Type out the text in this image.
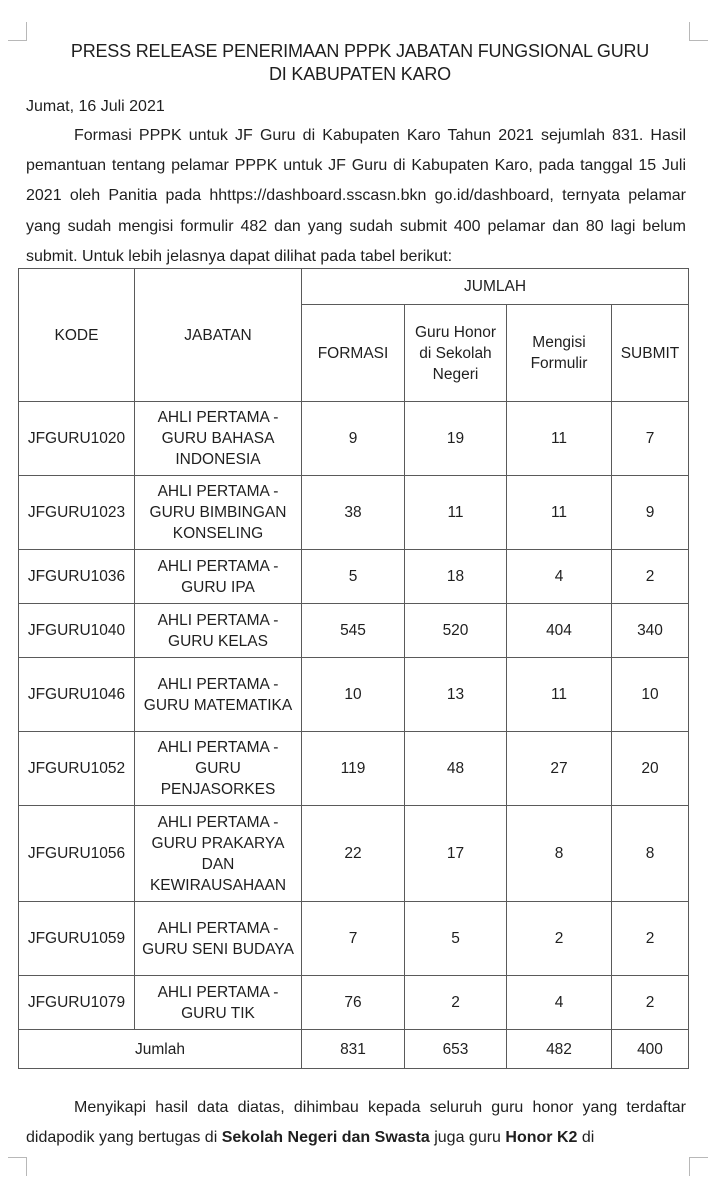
PRESS RELEASE PENERIMAAN PPPK JABATAN FUNGSIONAL GURU
DI KABUPATEN KARO
Jumat, 16 Juli 2021
Formasi PPPK untuk JF Guru di Kabupaten Karo Tahun 2021 sejumlah 831. Hasil pemantuan tentang pelamar PPPK untuk JF Guru di Kabupaten Karo, pada tanggal 15 Juli 2021 oleh Panitia pada hhttps://dashboard.sscasn.bkn go.id/dashboard, ternyata pelamar yang sudah mengisi formulir 482 dan yang sudah submit 400 pelamar dan 80 lagi belum submit. Untuk lebih jelasnya dapat dilihat pada tabel berikut:
KODE	JABATAN	JUMLAH			
		FORMASI	Guru Honor di Sekolah Negeri	Mengisi Formulir	SUBMIT
JFGURU1020	AHLI PERTAMA - GURU BAHASA INDONESIA	9	19	11	7
JFGURU1023	AHLI PERTAMA - GURU BIMBINGAN KONSELING	38	11	11	9
JFGURU1036	AHLI PERTAMA - GURU IPA	5	18	4	2
JFGURU1040	AHLI PERTAMA - GURU KELAS	545	520	404	340
JFGURU1046	AHLI PERTAMA - GURU MATEMATIKA	10	13	11	10
JFGURU1052	AHLI PERTAMA - GURU PENJASORKES	119	48	27	20
JFGURU1056	AHLI PERTAMA - GURU PRAKARYA DAN KEWIRAUSAHAAN	22	17	8	8
JFGURU1059	AHLI PERTAMA - GURU SENI BUDAYA	7	5	2	2
JFGURU1079	AHLI PERTAMA - GURU TIK	76	2	4	2
Jumlah		831	653	482	400
Menyikapi hasil data diatas, dihimbau kepada seluruh guru honor yang terdaftar didapodik yang bertugas di Sekolah Negeri dan Swasta juga guru Honor K2 di
